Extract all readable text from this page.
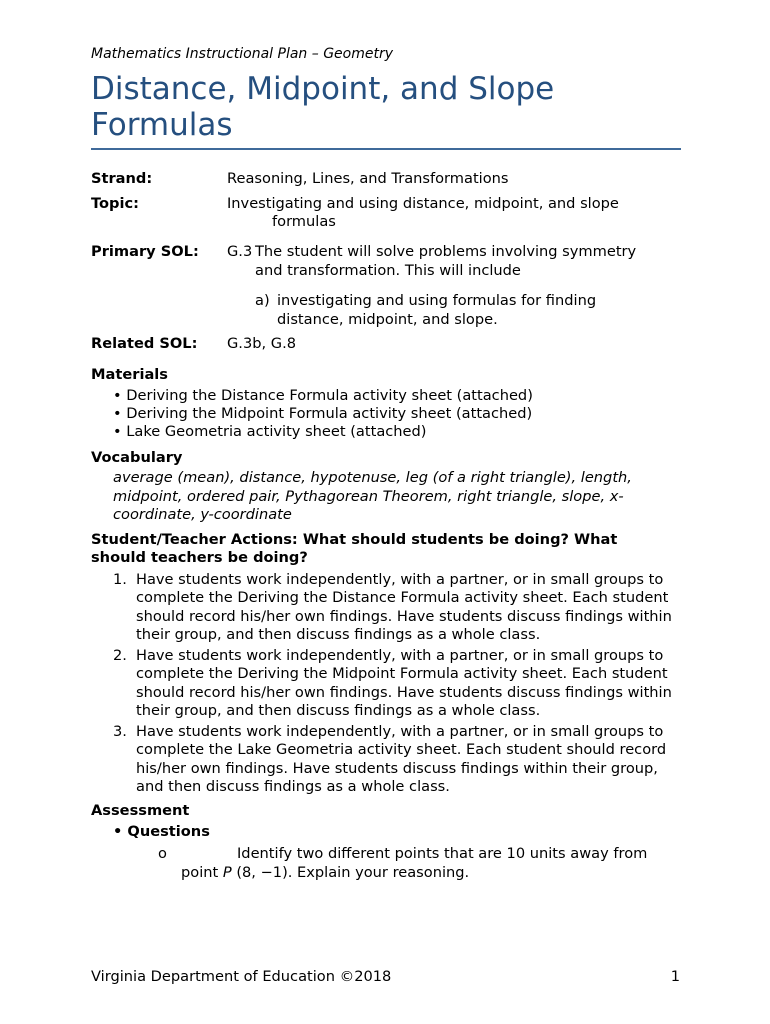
Mathematics Instructional Plan – Geometry
Distance, Midpoint, and Slope Formulas
Strand:	Reasoning, Lines, and Transformations
Topic:	Investigating and using distance, midpoint, and slope
formulas
Primary SOL: G.3 The student will solve problems involving symmetry
and transformation. This will include
a) investigating and using formulas for finding
distance, midpoint, and slope.
Related SOL: G.3b, G.8
Materials
• Deriving the Distance Formula activity sheet (attached)
• Deriving the Midpoint Formula activity sheet (attached)
• Lake Geometria activity sheet (attached)
Vocabulary
average (mean), distance, hypotenuse, leg (of a right triangle), length, midpoint, ordered pair, Pythagorean Theorem, right triangle, slope, x-coordinate, y-coordinate
Student/Teacher Actions: What should students be doing? What should teachers be doing?
1. Have students work independently, with a partner, or in small groups to complete the Deriving the Distance Formula activity sheet. Each student should record his/her own findings. Have students discuss findings within their group, and then discuss findings as a whole class.
2. Have students work independently, with a partner, or in small groups to complete the Deriving the Midpoint Formula activity sheet. Each student should record his/her own findings. Have students discuss findings within their group, and then discuss findings as a whole class.
3. Have students work independently, with a partner, or in small groups to complete the Lake Geometria activity sheet. Each student should record his/her own findings. Have students discuss findings within their group, and then discuss findings as a whole class.
Assessment
• Questions
o	Identify two different points that are 10 units away from
point P (8, −1). Explain your reasoning.
Virginia Department of Education ©2018	1
